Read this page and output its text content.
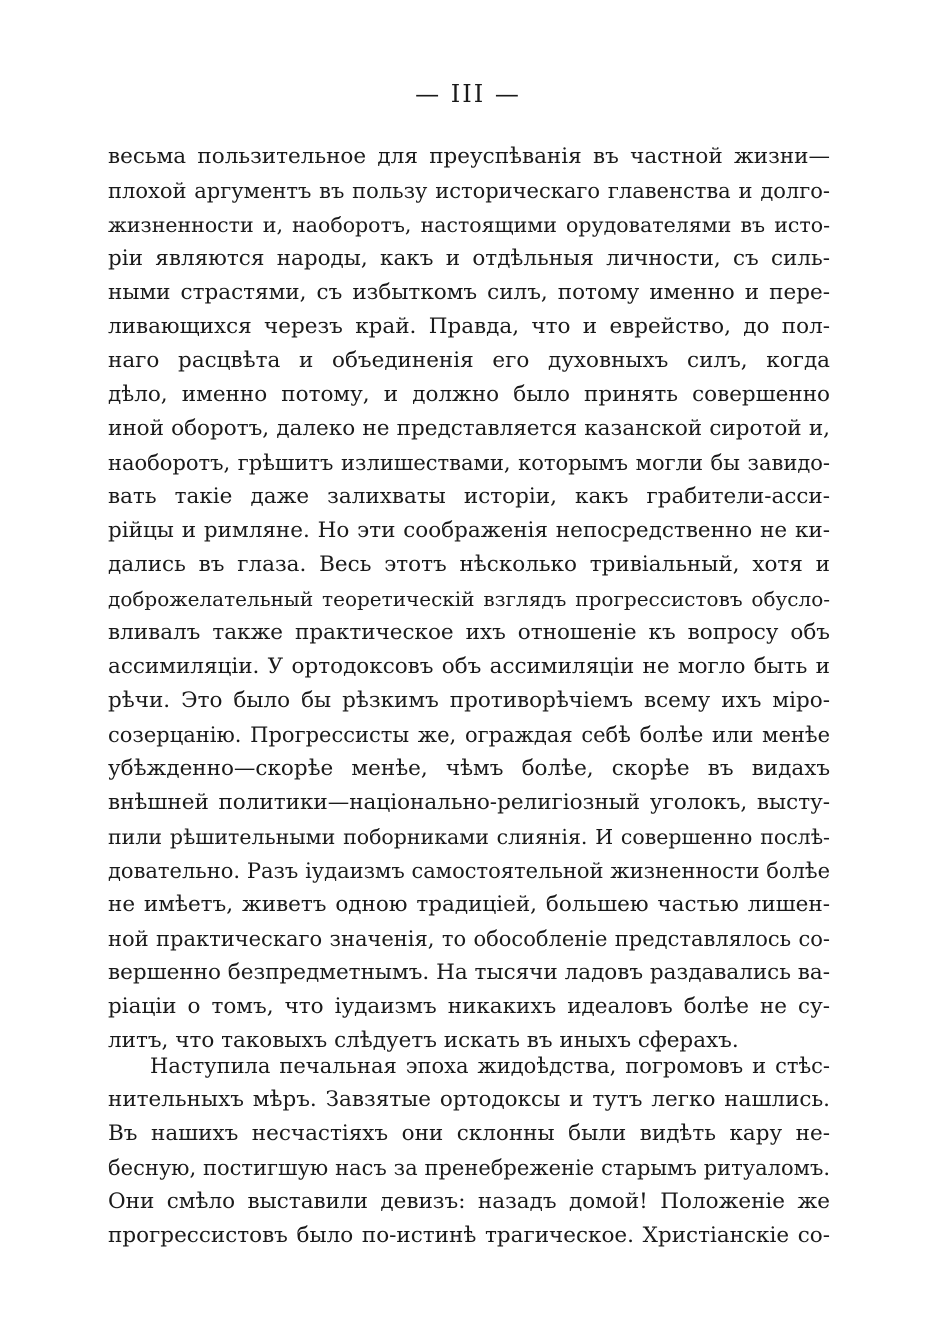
— III —
весьма пользительное для преуспѣванія въ частной жизни—
плохой аргументъ въ пользу историческаго главенства и долго-
жизненности и, наоборотъ, настоящими орудователями въ исто-
ріи являются народы, какъ и отдѣльныя личности, съ силь-
ными страстями, съ избыткомъ силъ, потому именно и пере-
ливающихся черезъ край. Правда, что и еврейство, до пол-
наго расцвѣта и объединенія его духовныхъ силъ, когда
дѣло, именно потому, и должно было принять совершенно
иной оборотъ, далеко не представляется казанской сиротой и,
наоборотъ, грѣшитъ излишествами, которымъ могли бы завидо-
вать такіе даже залихваты исторіи, какъ грабители-асси-
рійцы и римляне. Но эти соображенія непосредственно не ки-
дались въ глаза. Весь этотъ нѣсколько тривіальный, хотя и
доброжелательный теоретическій взглядъ прогрессистовъ обусло-
вливалъ также практическое ихъ отношеніе къ вопросу объ
ассимиляціи. У ортодоксовъ объ ассимиляціи не могло быть и
рѣчи. Это было бы рѣзкимъ противорѣчіемъ всему ихъ міро-
созерцанію. Прогрессисты же, ограждая себѣ болѣе или менѣе
убѣжденно—скорѣе менѣе, чѣмъ болѣе, скорѣе въ видахъ
внѣшней политики—національно-религіозный уголокъ, высту-
пили рѣшительными поборниками слиянія. И совершенно послѣ-
довательно. Разъ іудаизмъ самостоятельной жизненности болѣе
не имѣетъ, живетъ одною традиціей, большею частью лишен-
ной практическаго значенія, то обособленіе представлялось со-
вершенно безпредметнымъ. На тысячи ладовъ раздавались ва-
ріаціи о томъ, что іудаизмъ никакихъ идеаловъ болѣе не су-
литъ, что таковыхъ слѣдуетъ искать въ иныхъ сферахъ.
Наступила печальная эпоха жидоѣдства, погромовъ и стѣс-
нительныхъ мѣръ. Завзятые ортодоксы и тутъ легко нашлись.
Въ нашихъ несчастіяхъ они склонны были видѣть кару не-
бесную, постигшую насъ за пренебреженіе старымъ ритуаломъ.
Они смѣло выставили девизъ: назадъ домой! Положеніе же
прогрессистовъ было по-истинѣ трагическое. Христіанскіе со-
